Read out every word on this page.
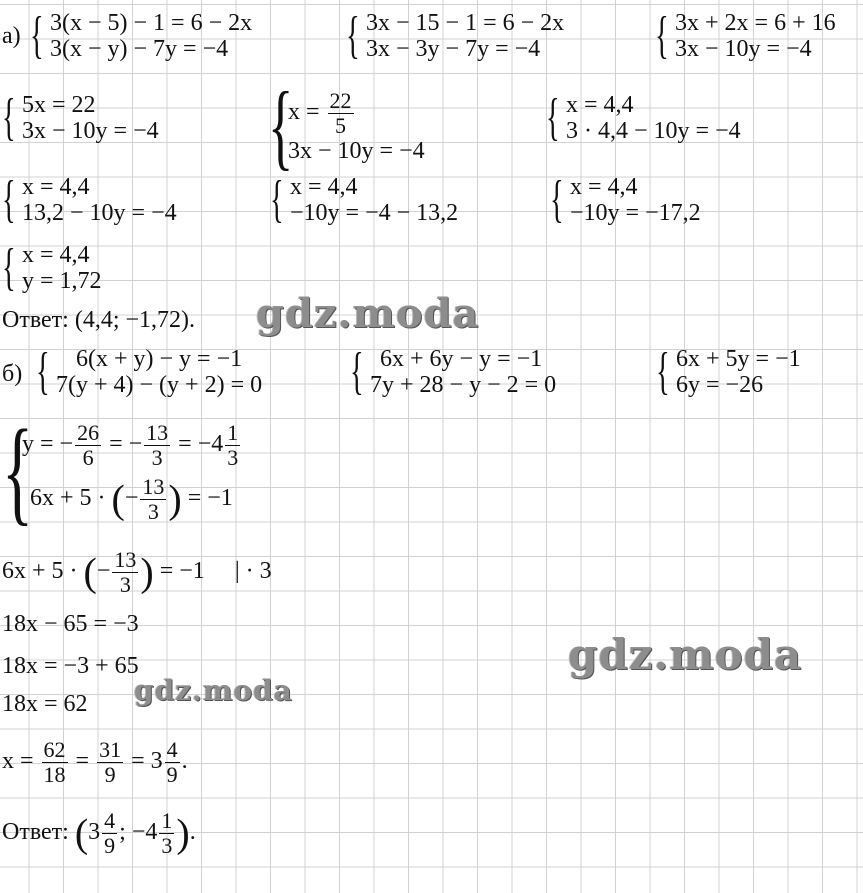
а) { 3(x − 5) − 1 = 6 − 2x
3(x − y) − 7y = −4	{ 3x − 15 − 1 = 6 − 2x
3x − 3y − 7y = −4	{ 3x + 2x = 6 + 16
3x − 10y = −4
{ 5x = 22
3x − 10y = −4 {
$x = \frac{22}{5}$
3x − 10y = −4
{ x = 4,4
3 · 4,4 − 10y = −4
{ x = 4,4
13,2 − 10y = −4 { x = 4,4
−10y = −4 − 13,2 { x = 4,4
−10y = −17,2
{ x = 4,4
y = 1,72
Ответ: (4,4; −1,72). gdz.moda
б) {	6(x + y) − y = −1
7(y + 4) − (y + 2) = 0 { 6x + 6y − y = −1
7y + 28 − y − 2 = 0 { 6x + 5y = −1
6y = −26
{
y = − $\frac{26}{6}$ = − $\frac{13}{3} = -4 \frac{1}{3}$
6x + 5 · (− $\frac{13}{3}$ ) = −1
6x + 5 · (− $\frac{13}{3}$ ) = −1 | · 3
18x − 65 = −3
18x = −3 + 65
18x = 62 gdz.moda
gdz.moda
$x = \frac{62}{18} = \frac{31}{9} = 3 \frac{4}{9}$ .
Ответ: ($3 \frac{4}{9}$ ; $-4 \frac{1}{3}$ ).
